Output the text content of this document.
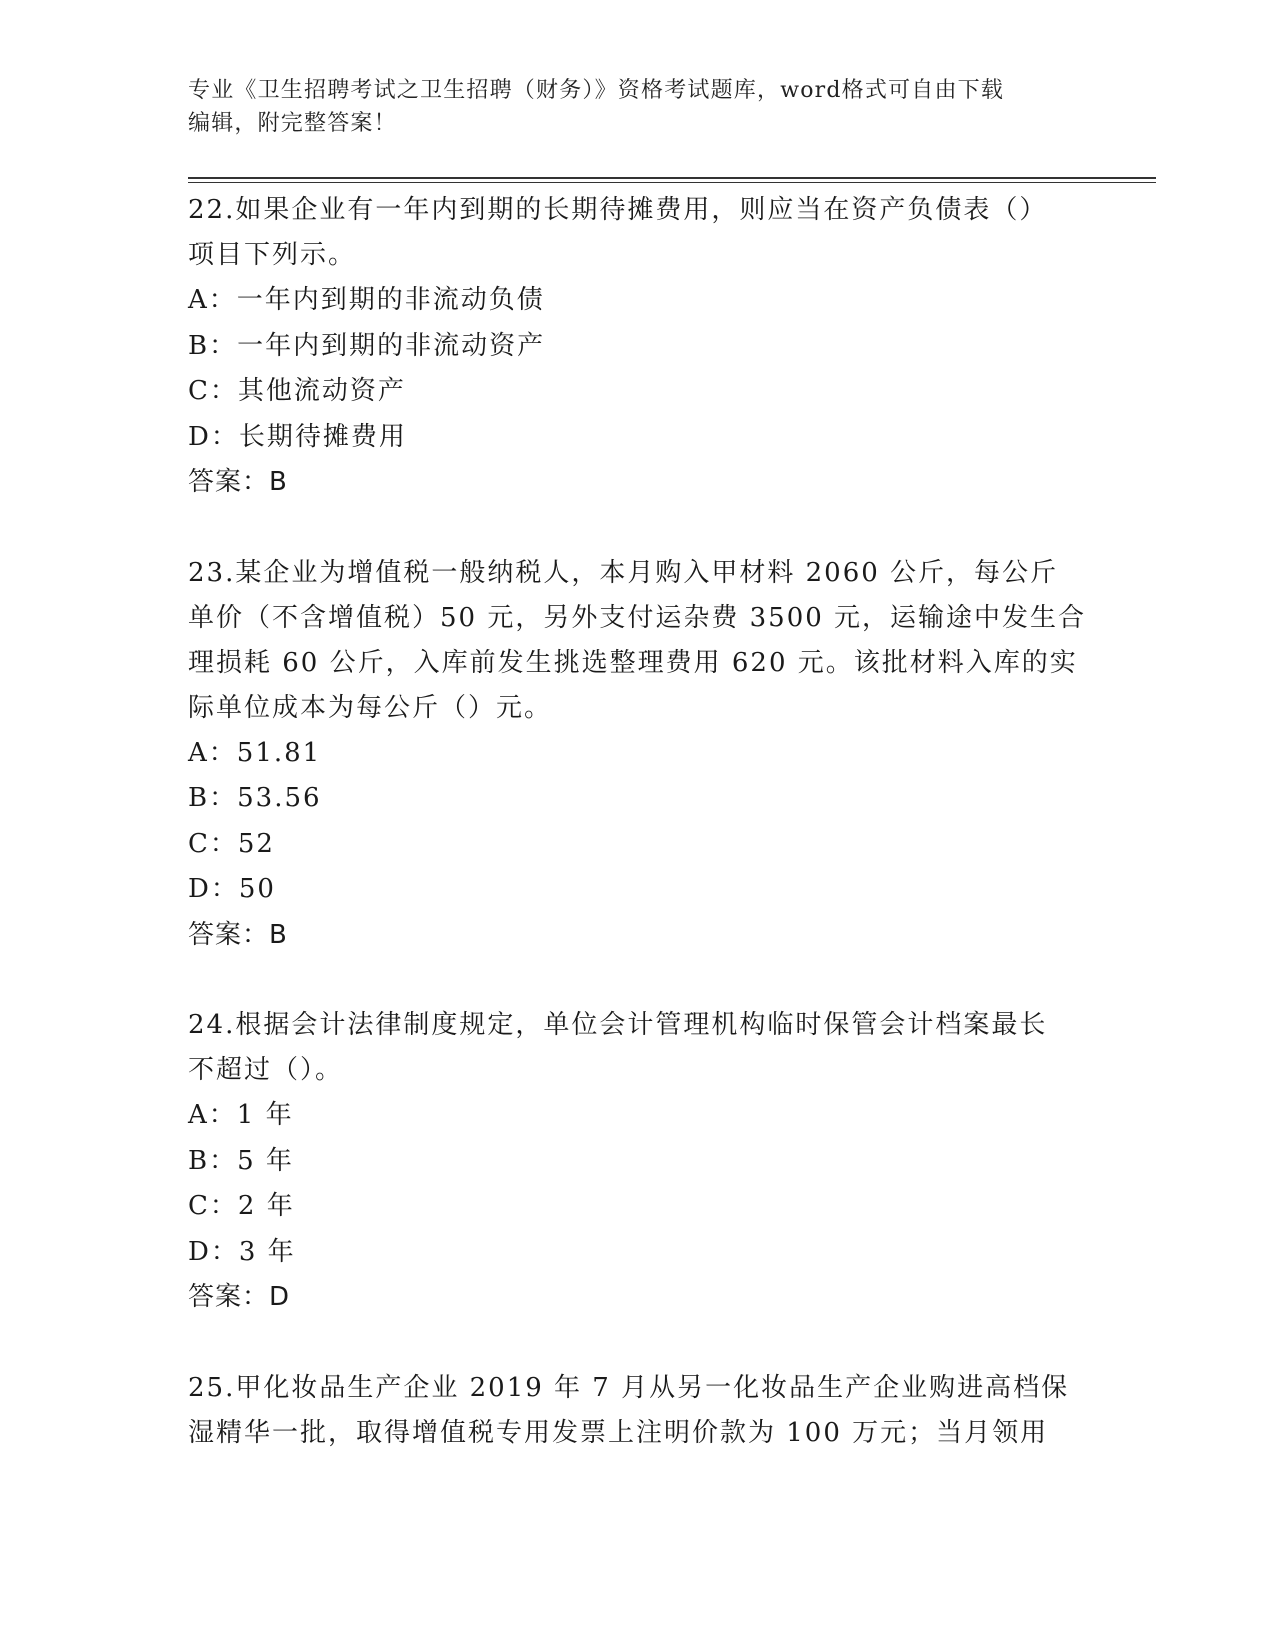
专业《卫生招聘考试之卫生招聘（财务）》资格考试题库，word格式可自由下载
编辑，附完整答案！

22.如果企业有一年内到期的长期待摊费用，则应当在资产负债表（）

项目下列示。

A：一年内到期的非流动负债

B：一年内到期的非流动资产

C：其他流动资产

D：长期待摊费用

答案：B

23.某企业为增值税一般纳税人，本月购入甲材料 2060 公斤，每公斤

单价（不含增值税）50 元，另外支付运杂费 3500 元，运输途中发生合

理损耗 60 公斤，入库前发生挑选整理费用 620 元。该批材料入库的实

际单位成本为每公斤（）元。

A：51.81

B：53.56

C：52

D：50

答案：B

24.根据会计法律制度规定，单位会计管理机构临时保管会计档案最长

不超过（）。

A：1 年

B：5 年

C：2 年

D：3 年

答案：D

25.甲化妆品生产企业 2019 年 7 月从另一化妆品生产企业购进高档保

湿精华一批，取得增值税专用发票上注明价款为 100 万元；当月领用
